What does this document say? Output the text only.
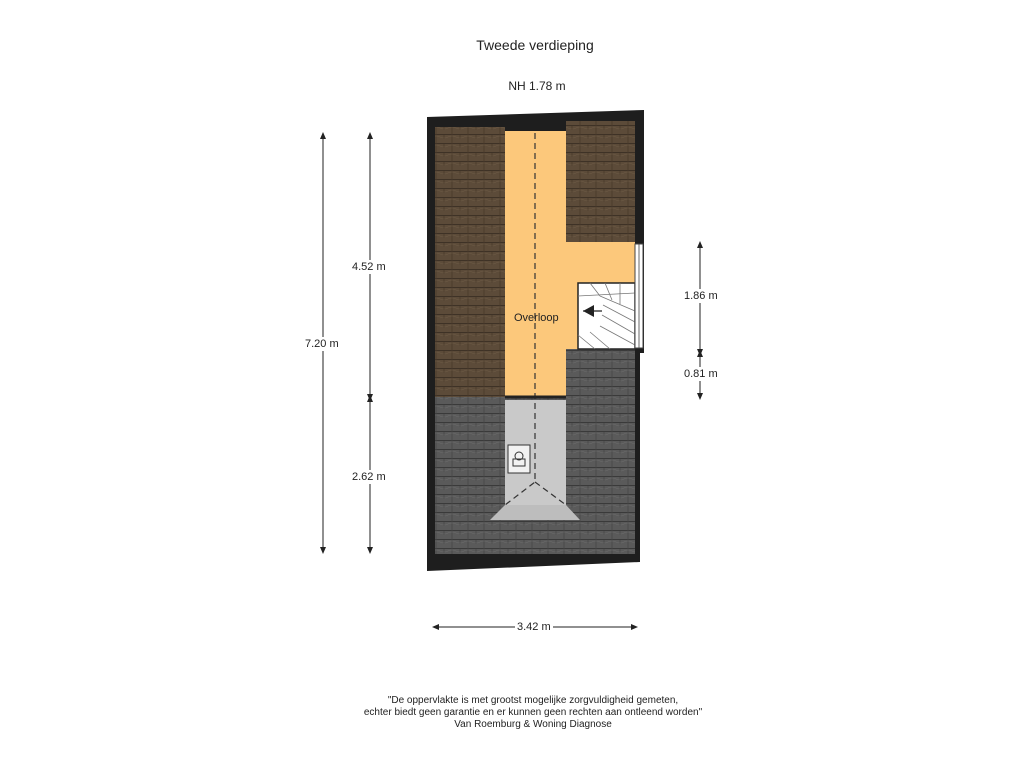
Tweede verdieping
NH 1.78 m
Overloop
7.20 m
4.52 m
2.62 m
1.86 m
0.81 m
3.42 m
"De oppervlakte is met grootst mogelijke zorgvuldigheid gemeten,
echter biedt geen garantie en er kunnen geen rechten aan ontleend worden"
Van Roemburg & Woning Diagnose
